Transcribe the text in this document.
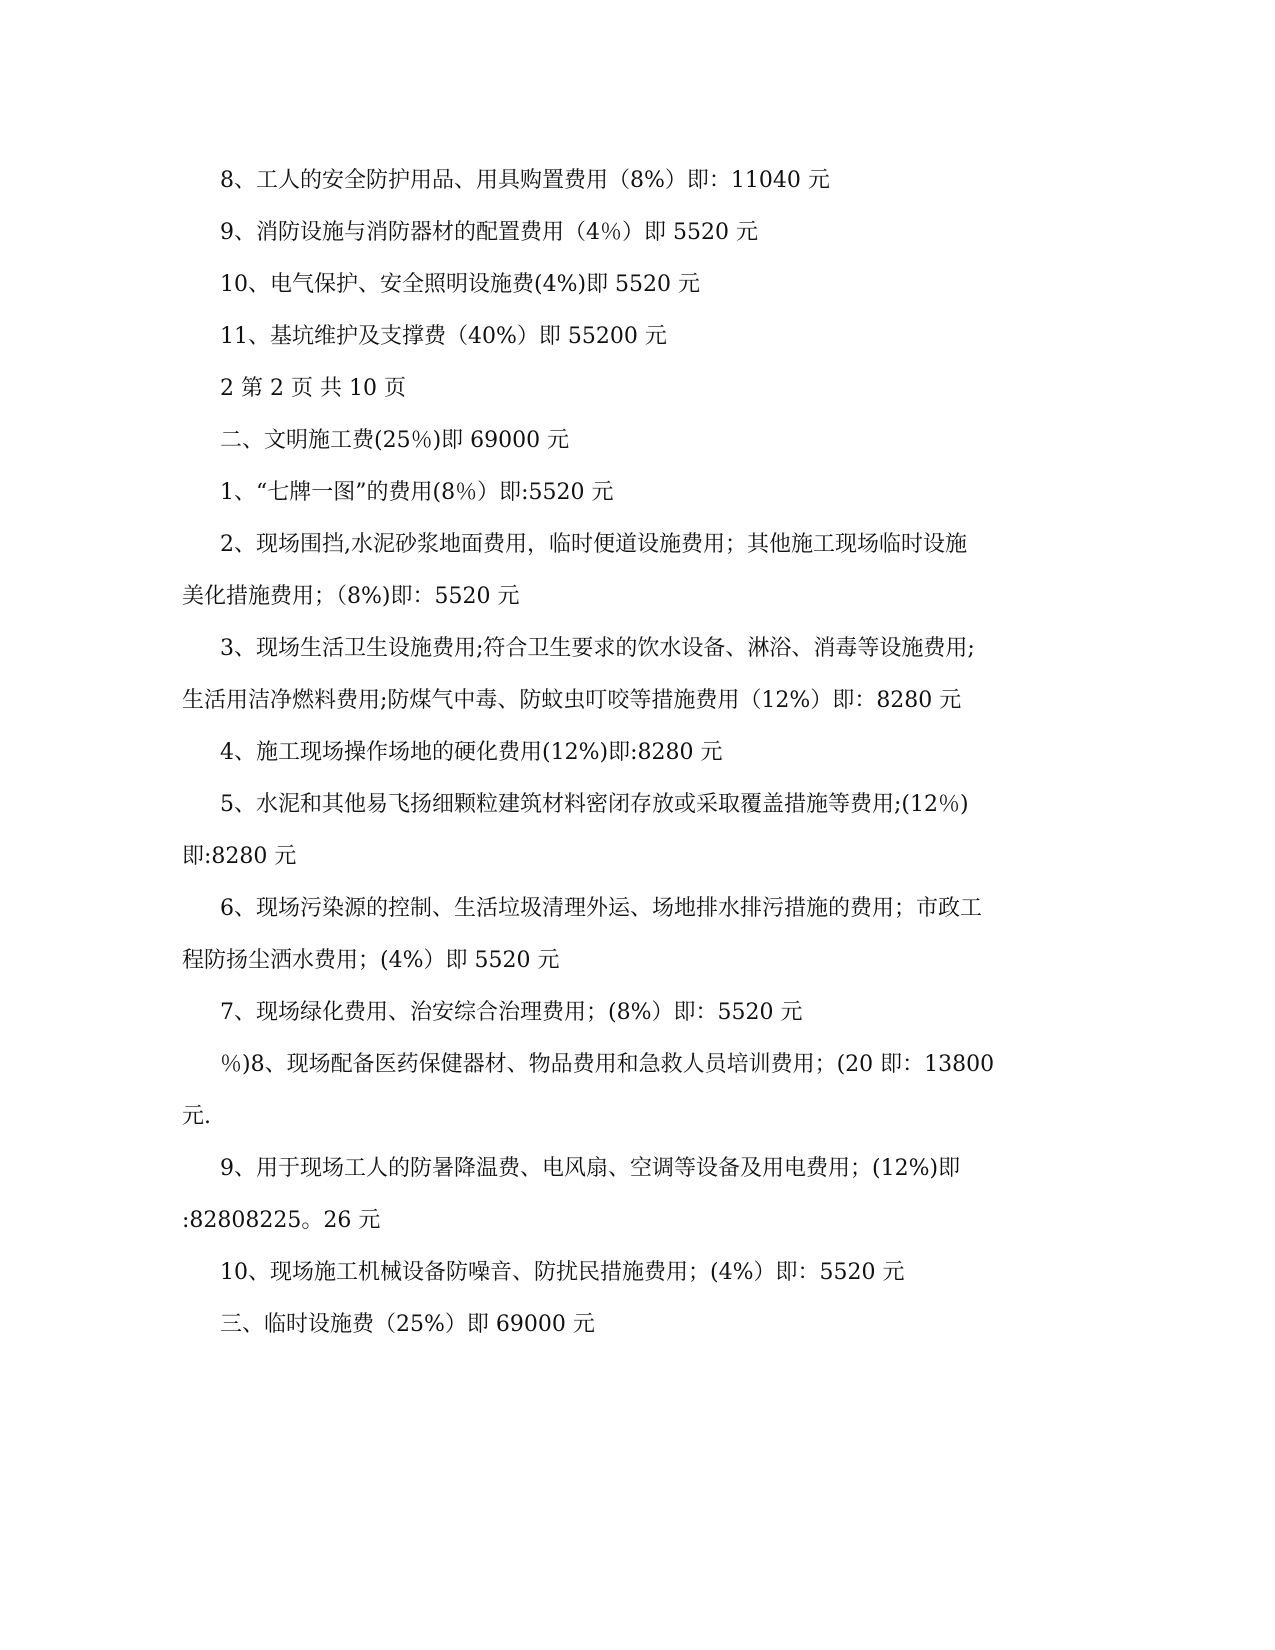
8、工人的安全防护用品、用具购置费用（8%）即：11040 元
9、消防设施与消防器材的配置费用（4％）即 5520 元
10、电气保护、安全照明设施费(4%)即 5520 元
11、基坑维护及支撑费（40%）即 55200 元
2 第 2 页 共 10 页
二、文明施工费(25％)即 69000 元
1、“七牌一图”的费用(8％）即:5520 元
2、现场围挡,水泥砂浆地面费用，临时便道设施费用；其他施工现场临时设施
美化措施费用；（8%)即：5520 元
3、现场生活卫生设施费用;符合卫生要求的饮水设备、淋浴、消毒等设施费用;
生活用洁净燃料费用;防煤气中毒、防蚊虫叮咬等措施费用（12%）即：8280 元
4、施工现场操作场地的硬化费用(12%)即:8280 元
5、水泥和其他易飞扬细颗粒建筑材料密闭存放或采取覆盖措施等费用;(12％)
即:8280 元
6、现场污染源的控制、生活垃圾清理外运、场地排水排污措施的费用；市政工
程防扬尘洒水费用；(4%）即 5520 元
7、现场绿化费用、治安综合治理费用；(8%）即：5520 元
％)8、现场配备医药保健器材、物品费用和急救人员培训费用；(20 即：13800
元.
9、用于现场工人的防暑降温费、电风扇、空调等设备及用电费用；(12%)即
:82808225。26 元
10、现场施工机械设备防噪音、防扰民措施费用；(4%）即：5520 元
三、临时设施费（25%）即 69000 元
